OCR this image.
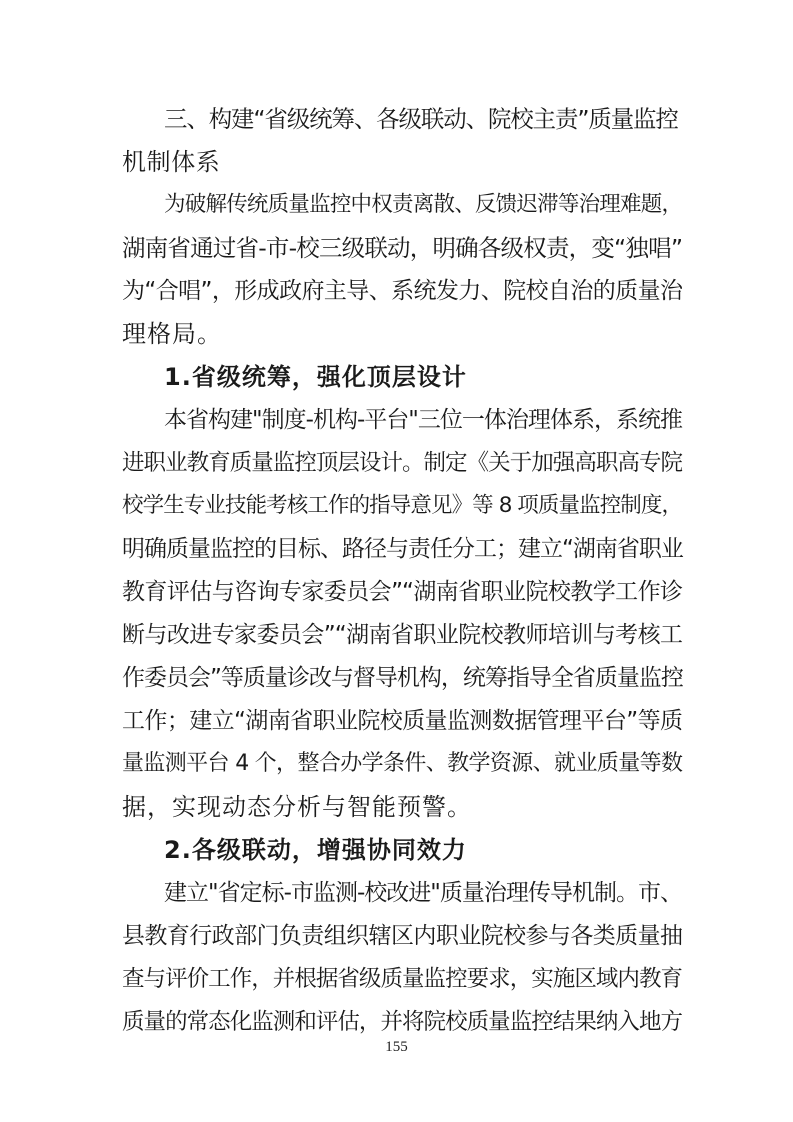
三、构建“省级统筹、各级联动、院校主责”质量监控
机制体系
为破解传统质量监控中权责离散、反馈迟滞等治理难题，
湖南省通过省-市-校三级联动，明确各级权责，变“独唱”
为“合唱”，形成政府主导、系统发力、院校自治的质量治
理格局。
1.省级统筹，强化顶层设计
本省构建"制度-机构-平台"三位一体治理体系，系统推
进职业教育质量监控顶层设计。制定《关于加强高职高专院
校学生专业技能考核工作的指导意见》等 8 项质量监控制度，
明确质量监控的目标、路径与责任分工；建立“湖南省职业
教育评估与咨询专家委员会”“湖南省职业院校教学工作诊
断与改进专家委员会”“湖南省职业院校教师培训与考核工
作委员会”等质量诊改与督导机构，统筹指导全省质量监控
工作；建立“湖南省职业院校质量监测数据管理平台”等质
量监测平台 4 个，整合办学条件、教学资源、就业质量等数
据，实现动态分析与智能预警。
2.各级联动，增强协同效力
建立"省定标-市监测-校改进"质量治理传导机制。市、
县教育行政部门负责组织辖区内职业院校参与各类质量抽
查与评价工作，并根据省级质量监控要求，实施区域内教育
质量的常态化监测和评估，并将院校质量监控结果纳入地方
155
